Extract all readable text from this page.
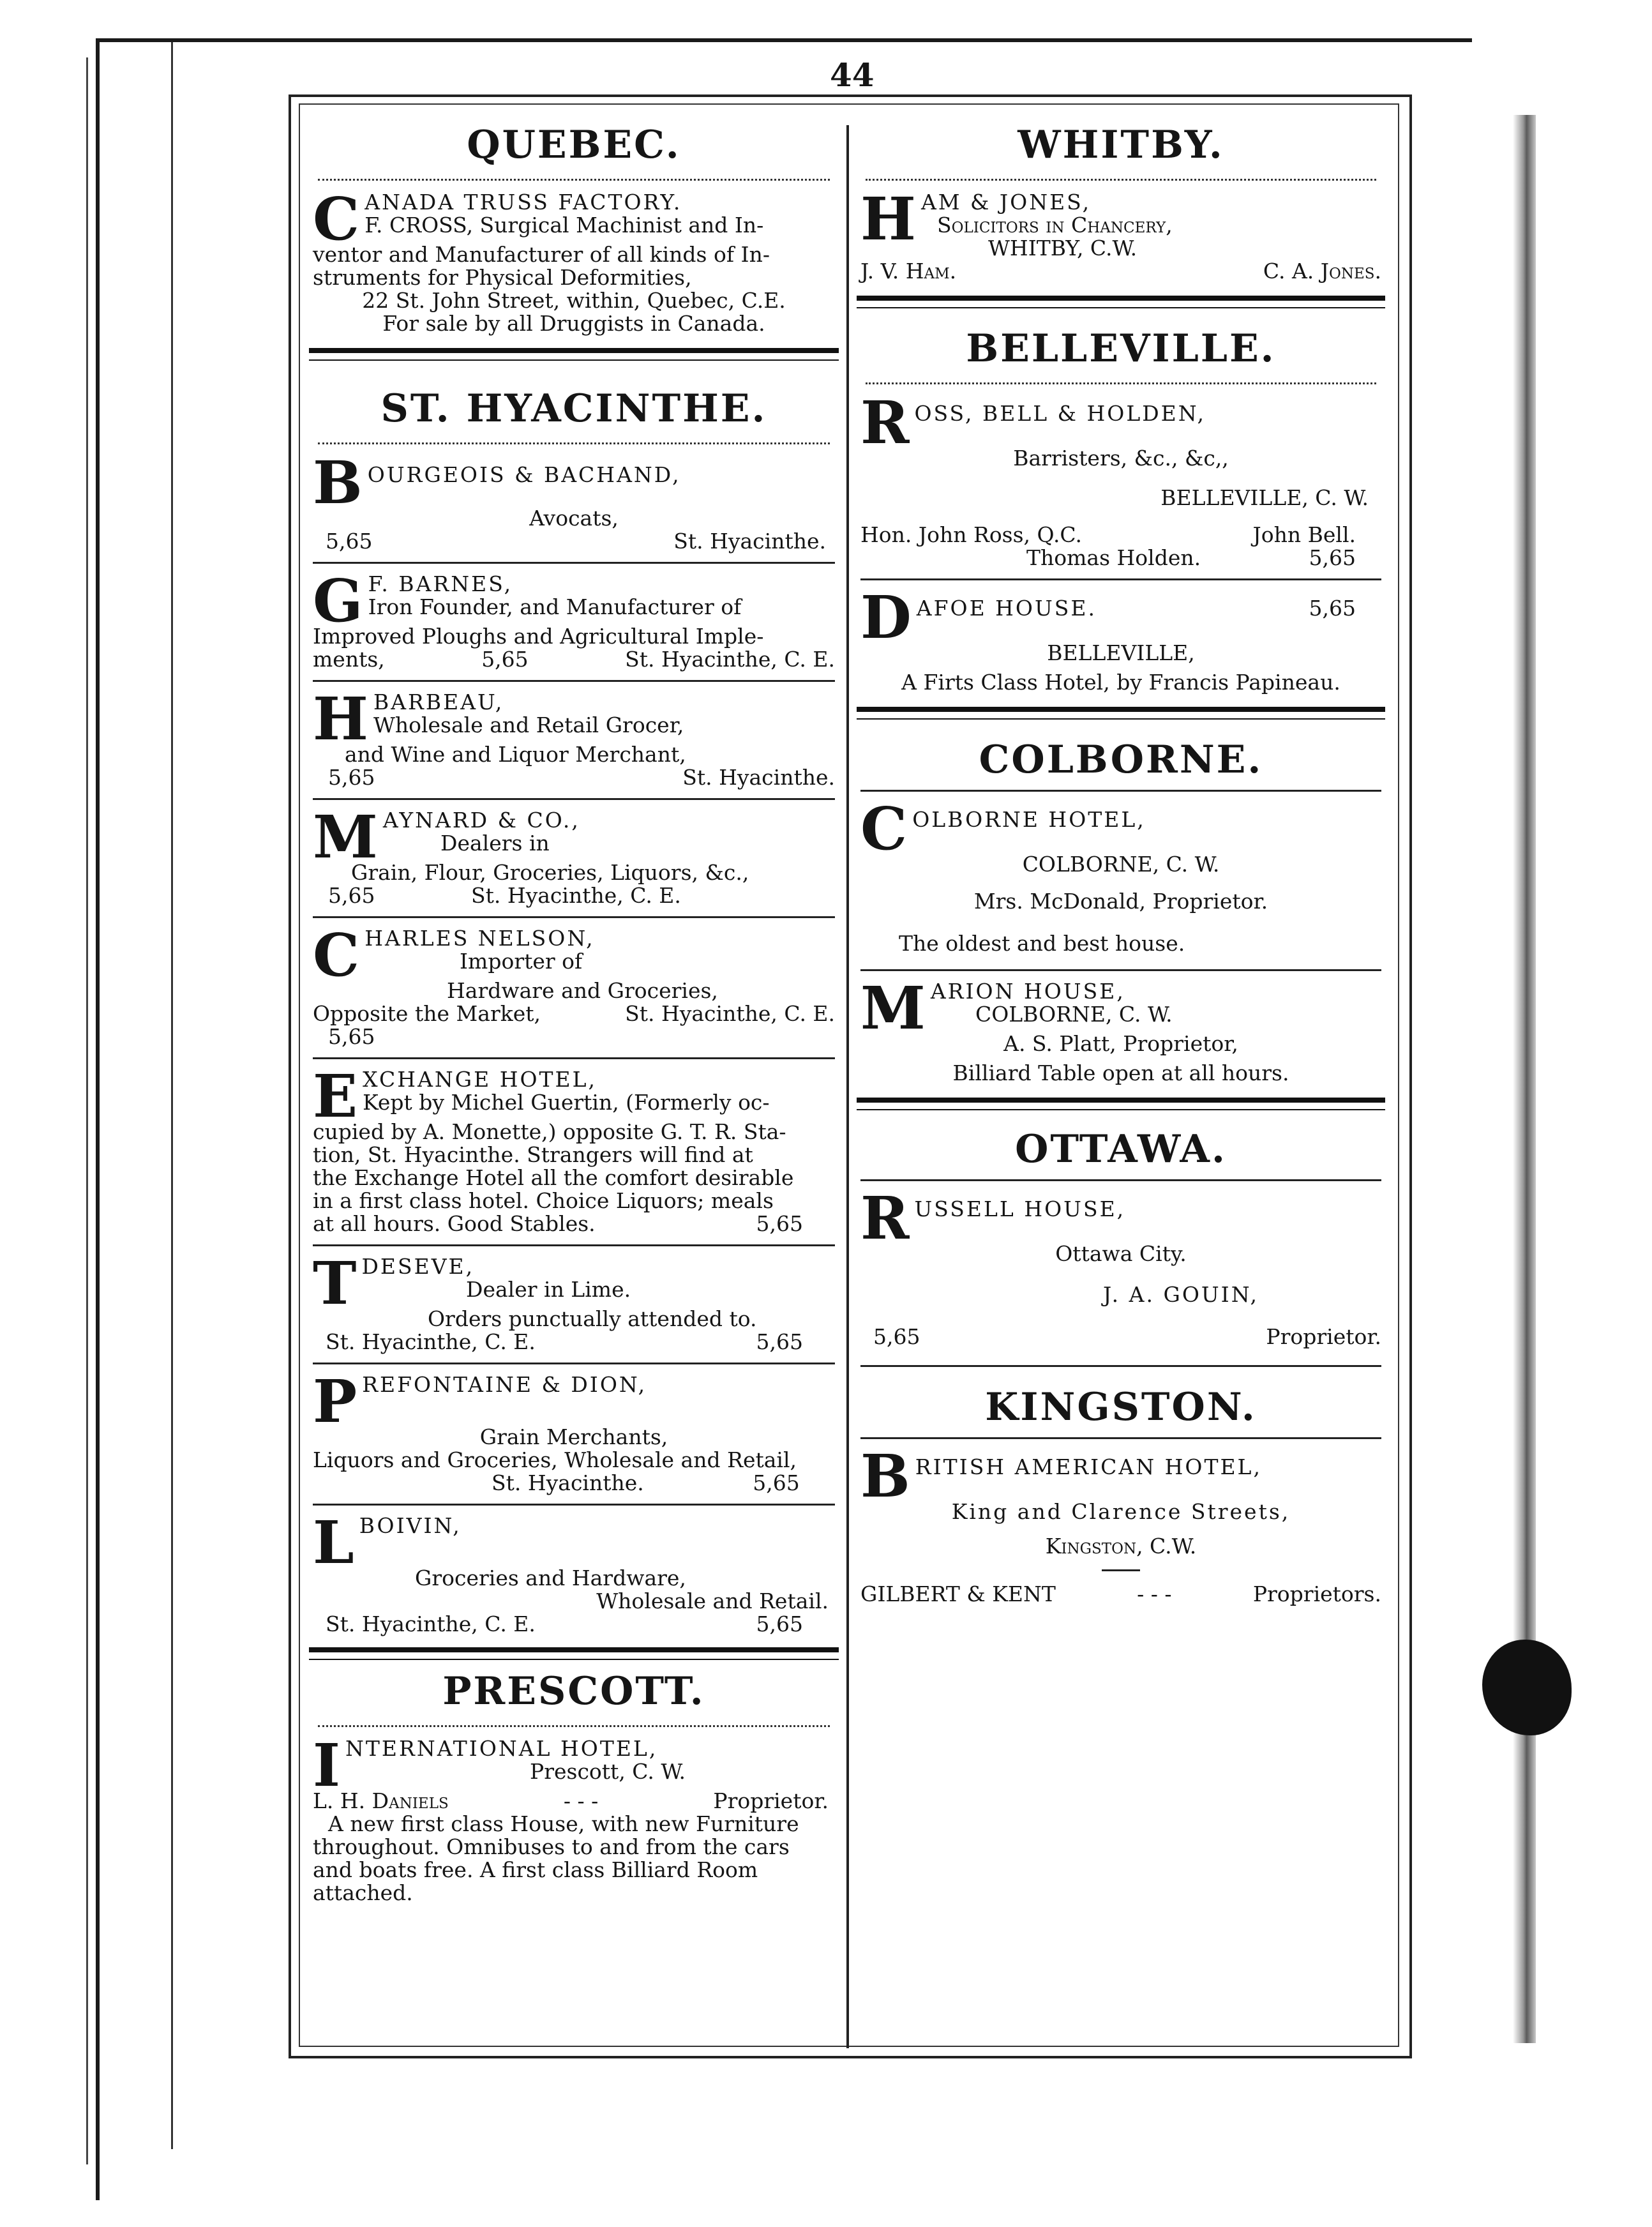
44
QUEBEC.
C ANADA TRUSS FACTORY.
F. CROSS, Surgical Machinist and In-
ventor and Manufacturer of all kinds of In-
struments for Physical Deformities,
22 St. John Street, within, Quebec, C.E.
For sale by all Druggists in Canada.
ST. HYACINTHE.
B OURGEOIS & BACHAND,
Avocats,
5,65	St. Hyacinthe.
G F. BARNES,
Iron Founder, and Manufacturer of
Improved Ploughs and Agricultural Imple-
ments,	5,65	St. Hyacinthe, C. E.
H BARBEAU,
Wholesale and Retail Grocer,
and Wine and Liquor Merchant,
5,65	St. Hyacinthe.
M AYNARD & CO.,
Dealers in
Grain, Flour, Groceries, Liquors, &c.,
5,65	St. Hyacinthe, C. E.
C HARLES NELSON,
Importer of
Hardware and Groceries,
Opposite the Market,	St. Hyacinthe, C. E.
5,65
E XCHANGE HOTEL,
Kept by Michel Guertin, (Formerly oc-
cupied by A. Monette,) opposite G. T. R. Sta-
tion, St. Hyacinthe. Strangers will find at
the Exchange Hotel all the comfort desirable
in a first class hotel. Choice Liquors; meals
at all hours. Good Stables.	5,65
T DESEVE,
Dealer in Lime.
Orders punctually attended to.
St. Hyacinthe, C. E.	5,65
P REFONTAINE & DION,
Grain Merchants,
Liquors and Groceries, Wholesale and Retail,
St. Hyacinthe.	5,65
L BOIVIN,
Groceries and Hardware,
Wholesale and Retail.
St. Hyacinthe, C. E.	5,65
PRESCOTT.
I NTERNATIONAL HOTEL,
Prescott, C. W.
L. H. Daniels	- - -	Proprietor.
A new first class House, with new Furniture
throughout. Omnibuses to and from the cars
and boats free. A first class Billiard Room
attached.
WHITBY.
H AM & JONES,
Solicitors in Chancery,
WHITBY, C.W.
J. V. Ham.	C. A. Jones.
BELLEVILLE.
R OSS, BELL & HOLDEN,
Barristers, &c., &c,,
BELLEVILLE, C. W.
Hon. John Ross, Q.C.	John Bell.
Thomas Holden.	5,65
D AFOE HOUSE.	5,65
BELLEVILLE,
A Firts Class Hotel, by Francis Papineau.
COLBORNE.
C OLBORNE HOTEL,
COLBORNE, C. W.
Mrs. McDonald, Proprietor.
The oldest and best house.
M ARION HOUSE,
COLBORNE, C. W.
A. S. Platt, Proprietor,
Billiard Table open at all hours.
OTTAWA.
R USSELL HOUSE,
Ottawa City.
J. A. GOUIN,
5,65	Proprietor.
KINGSTON.
B RITISH AMERICAN HOTEL,
King and Clarence Streets,
Kingston, C.W.
GILBERT & KENT	- - -	Proprietors.
